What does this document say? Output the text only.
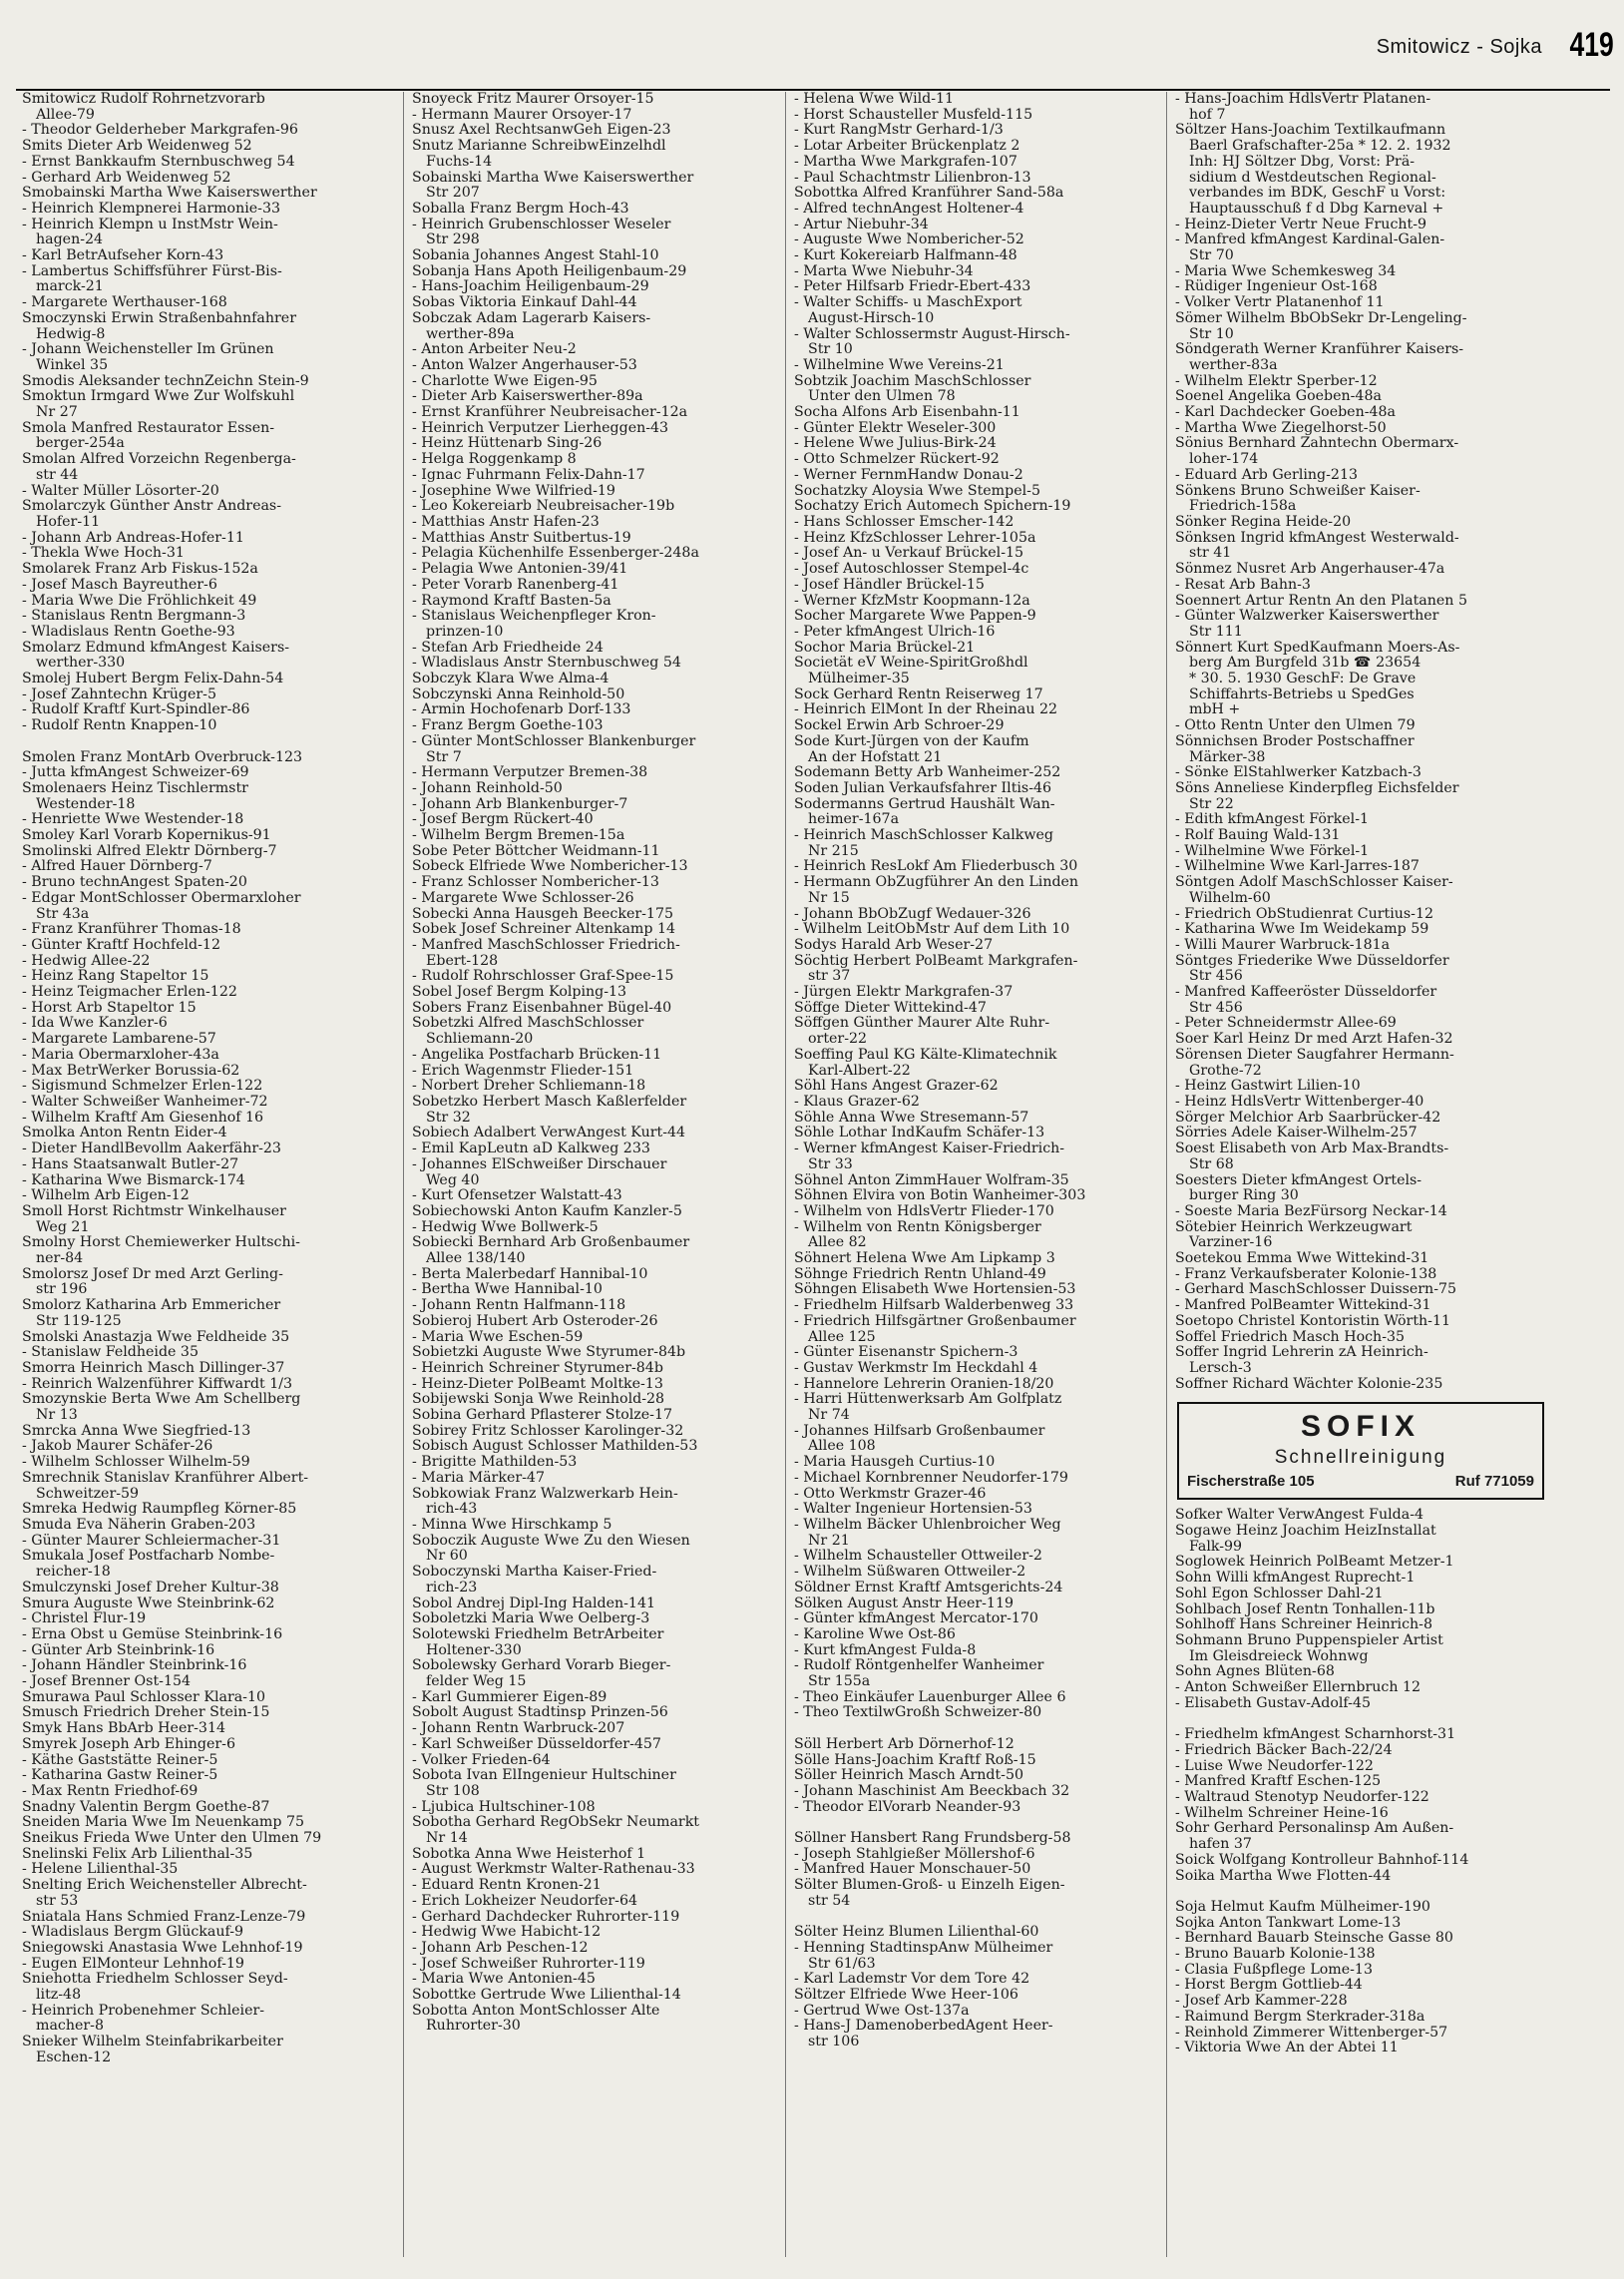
Smitowicz - Sojka 419

Smitowicz Rudolf Rohrnetzvorarb

Allee-79

- Theodor Gelderheber Markgrafen-96

Smits Dieter Arb Weidenweg 52

- Ernst Bankkaufm Sternbuschweg 54

- Gerhard Arb Weidenweg 52

Smobainski Martha Wwe Kaiserswerther

- Heinrich Klempnerei Harmonie-33

- Heinrich Klempn u InstMstr Wein-

hagen-24

- Karl BetrAufseher Korn-43

- Lambertus Schiffsführer Fürst-Bis-

marck-21

- Margarete Werthauser-168

Smoczynski Erwin Straßenbahnfahrer

Hedwig-8

- Johann Weichensteller Im Grünen

Winkel 35

Smodis Aleksander technZeichn Stein-9

Smoktun Irmgard Wwe Zur Wolfskuhl

Nr 27

Smola Manfred Restaurator Essen-

berger-254a

Smolan Alfred Vorzeichn Regenberga-

str 44

- Walter Müller Lösorter-20

Smolarczyk Günther Anstr Andreas-

Hofer-11

- Johann Arb Andreas-Hofer-11

- Thekla Wwe Hoch-31

Smolarek Franz Arb Fiskus-152a

- Josef Masch Bayreuther-6

- Maria Wwe Die Fröhlichkeit 49

- Stanislaus Rentn Bergmann-3

- Wladislaus Rentn Goethe-93

Smolarz Edmund kfmAngest Kaisers-

werther-330

Smolej Hubert Bergm Felix-Dahn-54

- Josef Zahntechn Krüger-5

- Rudolf Kraftf Kurt-Spindler-86

- Rudolf Rentn Knappen-10

Smolen Franz MontArb Overbruck-123

- Jutta kfmAngest Schweizer-69

Smolenaers Heinz Tischlermstr

Westender-18

- Henriette Wwe Westender-18

Smoley Karl Vorarb Kopernikus-91

Smolinski Alfred Elektr Dörnberg-7

- Alfred Hauer Dörnberg-7

- Bruno technAngest Spaten-20

- Edgar MontSchlosser Obermarxloher

Str 43a

- Franz Kranführer Thomas-18

- Günter Kraftf Hochfeld-12

- Hedwig Allee-22

- Heinz Rang Stapeltor 15

- Heinz Teigmacher Erlen-122

- Horst Arb Stapeltor 15

- Ida Wwe Kanzler-6

- Margarete Lambarene-57

- Maria Obermarxloher-43a

- Max BetrWerker Borussia-62

- Sigismund Schmelzer Erlen-122

- Walter Schweißer Wanheimer-72

- Wilhelm Kraftf Am Giesenhof 16

Smolka Anton Rentn Eider-4

- Dieter HandlBevollm Aakerfähr-23

- Hans Staatsanwalt Butler-27

- Katharina Wwe Bismarck-174

- Wilhelm Arb Eigen-12

Smoll Horst Richtmstr Winkelhauser

Weg 21

Smolny Horst Chemiewerker Hultschi-

ner-84

Smolorsz Josef Dr med Arzt Gerling-

str 196

Smolorz Katharina Arb Emmericher

Str 119-125

Smolski Anastazja Wwe Feldheide 35

- Stanislaw Feldheide 35

Smorra Heinrich Masch Dillinger-37

- Reinrich Walzenführer Kiffwardt 1/3

Smozynskie Berta Wwe Am Schellberg

Nr 13

Smrcka Anna Wwe Siegfried-13

- Jakob Maurer Schäfer-26

- Wilhelm Schlosser Wilhelm-59

Smrechnik Stanislav Kranführer Albert-

Schweitzer-59

Smreka Hedwig Raumpfleg Körner-85

Smuda Eva Näherin Graben-203

- Günter Maurer Schleiermacher-31

Smukala Josef Postfacharb Nombe-

reicher-18

Smulczynski Josef Dreher Kultur-38

Smura Auguste Wwe Steinbrink-62

- Christel Flur-19

- Erna Obst u Gemüse Steinbrink-16

- Günter Arb Steinbrink-16

- Johann Händler Steinbrink-16

- Josef Brenner Ost-154

Smurawa Paul Schlosser Klara-10

Smusch Friedrich Dreher Stein-15

Smyk Hans BbArb Heer-314

Smyrek Joseph Arb Ehinger-6

- Käthe Gaststätte Reiner-5

- Katharina Gastw Reiner-5

- Max Rentn Friedhof-69

Snadny Valentin Bergm Goethe-87

Sneiden Maria Wwe Im Neuenkamp 75

Sneikus Frieda Wwe Unter den Ulmen 79

Snelinski Felix Arb Lilienthal-35

- Helene Lilienthal-35

Snelting Erich Weichensteller Albrecht-

str 53

Sniatala Hans Schmied Franz-Lenze-79

- Wladislaus Bergm Glückauf-9

Sniegowski Anastasia Wwe Lehnhof-19

- Eugen ElMonteur Lehnhof-19

Sniehotta Friedhelm Schlosser Seyd-

litz-48

- Heinrich Probenehmer Schleier-

macher-8

Snieker Wilhelm Steinfabrikarbeiter

Eschen-12

Snoyeck Fritz Maurer Orsoyer-15

- Hermann Maurer Orsoyer-17

Snusz Axel RechtsanwGeh Eigen-23

Snutz Marianne SchreibwEinzelhdl

Fuchs-14

Sobainski Martha Wwe Kaiserswerther

Str 207

Soballa Franz Bergm Hoch-43

- Heinrich Grubenschlosser Weseler

Str 298

Sobania Johannes Angest Stahl-10

Sobanja Hans Apoth Heiligenbaum-29

- Hans-Joachim Heiligenbaum-29

Sobas Viktoria Einkauf Dahl-44

Sobczak Adam Lagerarb Kaisers-

werther-89a

- Anton Arbeiter Neu-2

- Anton Walzer Angerhauser-53

- Charlotte Wwe Eigen-95

- Dieter Arb Kaiserswerther-89a

- Ernst Kranführer Neubreisacher-12a

- Heinrich Verputzer Lierheggen-43

- Heinz Hüttenarb Sing-26

- Helga Roggenkamp 8

- Ignac Fuhrmann Felix-Dahn-17

- Josephine Wwe Wilfried-19

- Leo Kokereiarb Neubreisacher-19b

- Matthias Anstr Hafen-23

- Matthias Anstr Suitbertus-19

- Pelagia Küchenhilfe Essenberger-248a

- Pelagia Wwe Antonien-39/41

- Peter Vorarb Ranenberg-41

- Raymond Kraftf Basten-5a

- Stanislaus Weichenpfleger Kron-

prinzen-10

- Stefan Arb Friedheide 24

- Wladislaus Anstr Sternbuschweg 54

Sobczyk Klara Wwe Alma-4

Sobczynski Anna Reinhold-50

- Armin Hochofenarb Dorf-133

- Franz Bergm Goethe-103

- Günter MontSchlosser Blankenburger

Str 7

- Hermann Verputzer Bremen-38

- Johann Reinhold-50

- Johann Arb Blankenburger-7

- Josef Bergm Rückert-40

- Wilhelm Bergm Bremen-15a

Sobe Peter Böttcher Weidmann-11

Sobeck Elfriede Wwe Nombericher-13

- Franz Schlosser Nombericher-13

- Margarete Wwe Schlosser-26

Sobecki Anna Hausgeh Beecker-175

Sobek Josef Schreiner Altenkamp 14

- Manfred MaschSchlosser Friedrich-

Ebert-128

- Rudolf Rohrschlosser Graf-Spee-15

Sobel Josef Bergm Kolping-13

Sobers Franz Eisenbahner Bügel-40

Sobetzki Alfred MaschSchlosser

Schliemann-20

- Angelika Postfacharb Brücken-11

- Erich Wagenmstr Flieder-151

- Norbert Dreher Schliemann-18

Sobetzko Herbert Masch Kaßlerfelder

Str 32

Sobiech Adalbert VerwAngest Kurt-44

- Emil KapLeutn aD Kalkweg 233

- Johannes ElSchweißer Dirschauer

Weg 40

- Kurt Ofensetzer Walstatt-43

Sobiechowski Anton Kaufm Kanzler-5

- Hedwig Wwe Bollwerk-5

Sobiecki Bernhard Arb Großenbaumer

Allee 138/140

- Berta Malerbedarf Hannibal-10

- Bertha Wwe Hannibal-10

- Johann Rentn Halfmann-118

Sobieroj Hubert Arb Osteroder-26

- Maria Wwe Eschen-59

Sobietzki Auguste Wwe Styrumer-84b

- Heinrich Schreiner Styrumer-84b

- Heinz-Dieter PolBeamt Moltke-13

Sobijewski Sonja Wwe Reinhold-28

Sobina Gerhard Pflasterer Stolze-17

Sobirey Fritz Schlosser Karolinger-32

Sobisch August Schlosser Mathilden-53

- Brigitte Mathilden-53

- Maria Märker-47

Sobkowiak Franz Walzwerkarb Hein-

rich-43

- Minna Wwe Hirschkamp 5

Soboczik Auguste Wwe Zu den Wiesen

Nr 60

Soboczynski Martha Kaiser-Fried-

rich-23

Sobol Andrej Dipl-Ing Halden-141

Soboletzki Maria Wwe Oelberg-3

Solotewski Friedhelm BetrArbeiter

Holtener-330

Sobolewsky Gerhard Vorarb Bieger-

felder Weg 15

- Karl Gummierer Eigen-89

Sobolt August Stadtinsp Prinzen-56

- Johann Rentn Warbruck-207

- Karl Schweißer Düsseldorfer-457

- Volker Frieden-64

Sobota Ivan ElIngenieur Hultschiner

Str 108

- Ljubica Hultschiner-108

Sobotha Gerhard RegObSekr Neumarkt

Nr 14

Sobotka Anna Wwe Heisterhof 1

- August Werkmstr Walter-Rathenau-33

- Eduard Rentn Kronen-21

- Erich Lokheizer Neudorfer-64

- Gerhard Dachdecker Ruhrorter-119

- Hedwig Wwe Habicht-12

- Johann Arb Peschen-12

- Josef Schweißer Ruhrorter-119

- Maria Wwe Antonien-45

Sobottke Gertrude Wwe Lilienthal-14

Sobotta Anton MontSchlosser Alte

Ruhrorter-30

- Helena Wwe Wild-11

- Horst Schausteller Musfeld-115

- Kurt RangMstr Gerhard-1/3

- Lotar Arbeiter Brückenplatz 2

- Martha Wwe Markgrafen-107

- Paul Schachtmstr Lilienbron-13

Sobottka Alfred Kranführer Sand-58a

- Alfred technAngest Holtener-4

- Artur Niebuhr-34

- Auguste Wwe Nombericher-52

- Kurt Kokereiarb Halfmann-48

- Marta Wwe Niebuhr-34

- Peter Hilfsarb Friedr-Ebert-433

- Walter Schiffs- u MaschExport

August-Hirsch-10

- Walter Schlossermstr August-Hirsch-

Str 10

- Wilhelmine Wwe Vereins-21

Sobtzik Joachim MaschSchlosser

Unter den Ulmen 78

Socha Alfons Arb Eisenbahn-11

- Günter Elektr Weseler-300

- Helene Wwe Julius-Birk-24

- Otto Schmelzer Rückert-92

- Werner FernmHandw Donau-2

Sochatzky Aloysia Wwe Stempel-5

Sochatzy Erich Automech Spichern-19

- Hans Schlosser Emscher-142

- Heinz KfzSchlosser Lehrer-105a

- Josef An- u Verkauf Brückel-15

- Josef Autoschlosser Stempel-4c

- Josef Händler Brückel-15

- Werner KfzMstr Koopmann-12a

Socher Margarete Wwe Pappen-9

- Peter kfmAngest Ulrich-16

Sochor Maria Brückel-21

Societät eV Weine-SpiritGroßhdl

Mülheimer-35

Sock Gerhard Rentn Reiserweg 17

- Heinrich ElMont In der Rheinau 22

Sockel Erwin Arb Schroer-29

Sode Kurt-Jürgen von der Kaufm

An der Hofstatt 21

Sodemann Betty Arb Wanheimer-252

Soden Julian Verkaufsfahrer Iltis-46

Sodermanns Gertrud Haushält Wan-

heimer-167a

- Heinrich MaschSchlosser Kalkweg

Nr 215

- Heinrich ResLokf Am Fliederbusch 30

- Hermann ObZugführer An den Linden

Nr 15

- Johann BbObZugf Wedauer-326

- Wilhelm LeitObMstr Auf dem Lith 10

Sodys Harald Arb Weser-27

Söchtig Herbert PolBeamt Markgrafen-

str 37

- Jürgen Elektr Markgrafen-37

Söffge Dieter Wittekind-47

Söffgen Günther Maurer Alte Ruhr-

orter-22

Soeffing Paul KG Kälte-Klimatechnik

Karl-Albert-22

Söhl Hans Angest Grazer-62

- Klaus Grazer-62

Söhle Anna Wwe Stresemann-57

Söhle Lothar IndKaufm Schäfer-13

- Werner kfmAngest Kaiser-Friedrich-

Str 33

Söhnel Anton ZimmHauer Wolfram-35

Söhnen Elvira von Botin Wanheimer-303

- Wilhelm von HdlsVertr Flieder-170

- Wilhelm von Rentn Königsberger

Allee 82

Söhnert Helena Wwe Am Lipkamp 3

Söhnge Friedrich Rentn Uhland-49

Söhngen Elisabeth Wwe Hortensien-53

- Friedhelm Hilfsarb Walderbenweg 33

- Friedrich Hilfsgärtner Großenbaumer

Allee 125

- Günter Eisenanstr Spichern-3

- Gustav Werkmstr Im Heckdahl 4

- Hannelore Lehrerin Oranien-18/20

- Harri Hüttenwerksarb Am Golfplatz

Nr 74

- Johannes Hilfsarb Großenbaumer

Allee 108

- Maria Hausgeh Curtius-10

- Michael Kornbrenner Neudorfer-179

- Otto Werkmstr Grazer-46

- Walter Ingenieur Hortensien-53

- Wilhelm Bäcker Uhlenbroicher Weg

Nr 21

- Wilhelm Schausteller Ottweiler-2

- Wilhelm Süßwaren Ottweiler-2

Söldner Ernst Kraftf Amtsgerichts-24

Sölken August Anstr Heer-119

- Günter kfmAngest Mercator-170

- Karoline Wwe Ost-86

- Kurt kfmAngest Fulda-8

- Rudolf Röntgenhelfer Wanheimer

Str 155a

- Theo Einkäufer Lauenburger Allee 6

- Theo TextilwGroßh Schweizer-80

Söll Herbert Arb Dörnerhof-12

Sölle Hans-Joachim Kraftf Roß-15

Söller Heinrich Masch Arndt-50

- Johann Maschinist Am Beeckbach 32

- Theodor ElVorarb Neander-93

Söllner Hansbert Rang Frundsberg-58

- Joseph Stahlgießer Möllershof-6

- Manfred Hauer Monschauer-50

Sölter Blumen-Groß- u Einzelh Eigen-

str 54

Sölter Heinz Blumen Lilienthal-60

- Henning StadtinspAnw Mülheimer

Str 61/63

- Karl Lademstr Vor dem Tore 42

Söltzer Elfriede Wwe Heer-106

- Gertrud Wwe Ost-137a

- Hans-J DamenoberbedAgent Heer-

str 106

- Hans-Joachim HdlsVertr Platanen-

hof 7

Söltzer Hans-Joachim Textilkaufmann

Baerl Grafschafter-25a * 12. 2. 1932

Inh: HJ Söltzer Dbg, Vorst: Prä-

sidium d Westdeutschen Regional-

verbandes im BDK, GeschF u Vorst:

Hauptausschuß f d Dbg Karneval +

- Heinz-Dieter Vertr Neue Frucht-9

- Manfred kfmAngest Kardinal-Galen-

Str 70

- Maria Wwe Schemkesweg 34

- Rüdiger Ingenieur Ost-168

- Volker Vertr Platanenhof 11

Sömer Wilhelm BbObSekr Dr-Lengeling-

Str 10

Söndgerath Werner Kranführer Kaisers-

werther-83a

- Wilhelm Elektr Sperber-12

Soenel Angelika Goeben-48a

- Karl Dachdecker Goeben-48a

- Martha Wwe Ziegelhorst-50

Sönius Bernhard Zahntechn Obermarx-

loher-174

- Eduard Arb Gerling-213

Sönkens Bruno Schweißer Kaiser-

Friedrich-158a

Sönker Regina Heide-20

Sönksen Ingrid kfmAngest Westerwald-

str 41

Sönmez Nusret Arb Angerhauser-47a

- Resat Arb Bahn-3

Soennert Artur Rentn An den Platanen 5

- Günter Walzwerker Kaiserswerther

Str 111

Sönnert Kurt SpedKaufmann Moers-As-

berg Am Burgfeld 31b ☎ 23654

* 30. 5. 1930 GeschF: De Grave

Schiffahrts-Betriebs u SpedGes

mbH +

- Otto Rentn Unter den Ulmen 79

Sönnichsen Broder Postschaffner

Märker-38

- Sönke ElStahlwerker Katzbach-3

Söns Anneliese Kinderpfleg Eichsfelder

Str 22

- Edith kfmAngest Förkel-1

- Rolf Bauing Wald-131

- Wilhelmine Wwe Förkel-1

- Wilhelmine Wwe Karl-Jarres-187

Söntgen Adolf MaschSchlosser Kaiser-

Wilhelm-60

- Friedrich ObStudienrat Curtius-12

- Katharina Wwe Im Weidekamp 59

- Willi Maurer Warbruck-181a

Söntges Friederike Wwe Düsseldorfer

Str 456

- Manfred Kaffeeröster Düsseldorfer

Str 456

- Peter Schneidermstr Allee-69

Soer Karl Heinz Dr med Arzt Hafen-32

Sörensen Dieter Saugfahrer Hermann-

Grothe-72

- Heinz Gastwirt Lilien-10

- Heinz HdlsVertr Wittenberger-40

Sörger Melchior Arb Saarbrücker-42

Sörries Adele Kaiser-Wilhelm-257

Soest Elisabeth von Arb Max-Brandts-

Str 68

Soesters Dieter kfmAngest Ortels-

burger Ring 30

- Soeste Maria BezFürsorg Neckar-14

Sötebier Heinrich Werkzeugwart

Varziner-16

Soetekou Emma Wwe Wittekind-31

- Franz Verkaufsberater Kolonie-138

- Gerhard MaschSchlosser Duissern-75

- Manfred PolBeamter Wittekind-31

Soetopo Christel Kontoristin Wörth-11

Soffel Friedrich Masch Hoch-35

Soffer Ingrid Lehrerin zA Heinrich-

Lersch-3

Soffner Richard Wächter Kolonie-235

SOFIX
Schnellreinigung
Fischerstraße 105	Ruf 771059

Sofker Walter VerwAngest Fulda-4

Sogawe Heinz Joachim HeizInstallat

Falk-99

Soglowek Heinrich PolBeamt Metzer-1

Sohn Willi kfmAngest Ruprecht-1

Sohl Egon Schlosser Dahl-21

Sohlbach Josef Rentn Tonhallen-11b

Sohlhoff Hans Schreiner Heinrich-8

Sohmann Bruno Puppenspieler Artist

Im Gleisdreieck Wohnwg

Sohn Agnes Blüten-68

- Anton Schweißer Ellernbruch 12

- Elisabeth Gustav-Adolf-45

- Friedhelm kfmAngest Scharnhorst-31

- Friedrich Bäcker Bach-22/24

- Luise Wwe Neudorfer-122

- Manfred Kraftf Eschen-125

- Waltraud Stenotyp Neudorfer-122

- Wilhelm Schreiner Heine-16

Sohr Gerhard Personalinsp Am Außen-

hafen 37

Soick Wolfgang Kontrolleur Bahnhof-114

Soika Martha Wwe Flotten-44

Soja Helmut Kaufm Mülheimer-190

Sojka Anton Tankwart Lome-13

- Bernhard Bauarb Steinsche Gasse 80

- Bruno Bauarb Kolonie-138

- Clasia Fußpflege Lome-13

- Horst Bergm Gottlieb-44

- Josef Arb Kammer-228

- Raimund Bergm Sterkrader-318a

- Reinhold Zimmerer Wittenberger-57

- Viktoria Wwe An der Abtei 11
